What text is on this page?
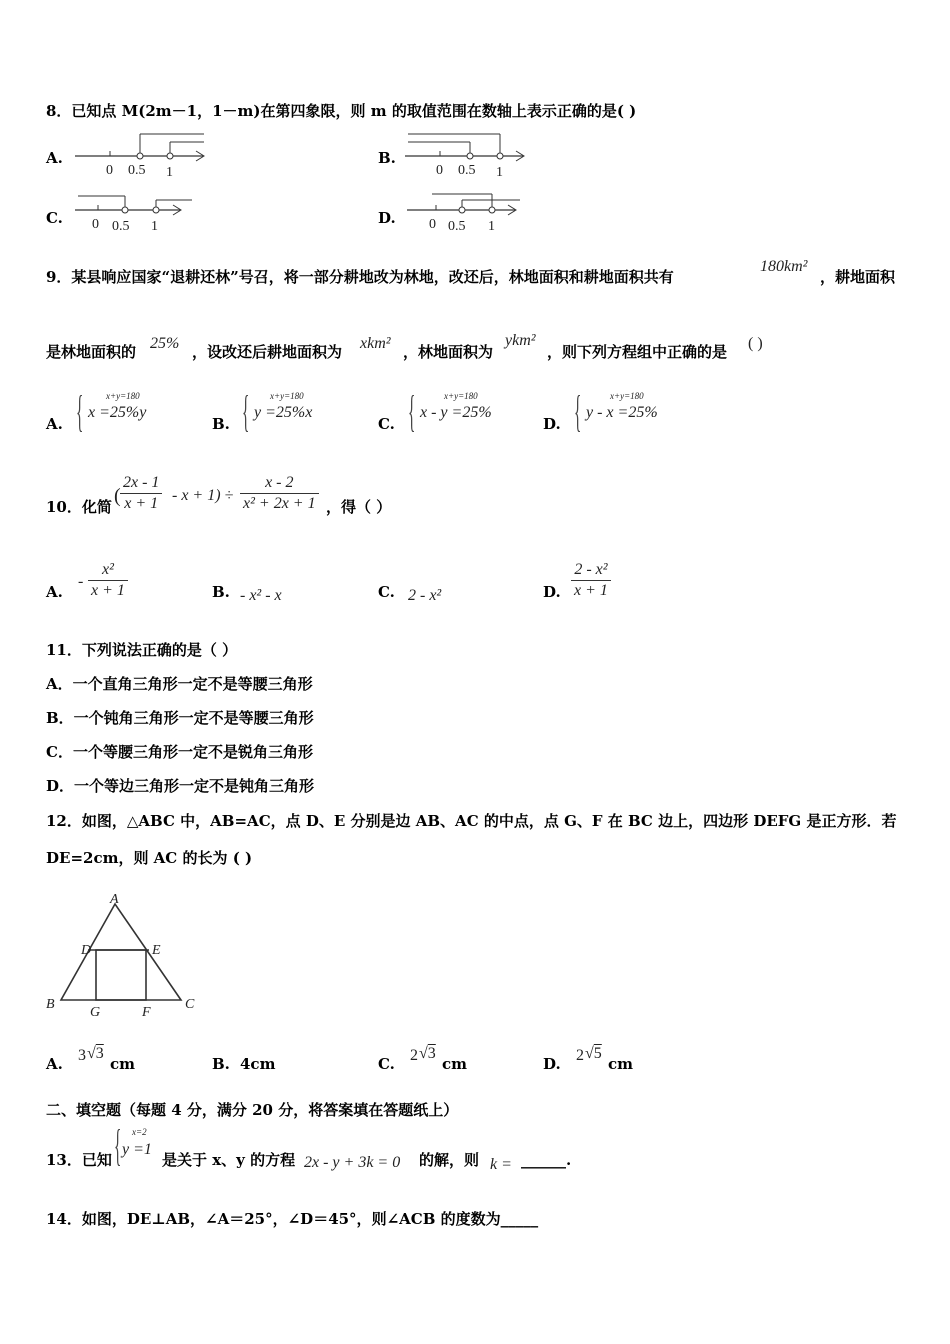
8．已知点 M(2m－1，1－m)在第四象限，则 m 的取值范围在数轴上表示正确的是( )
A.
0 0.5 1
B.
0 0.5 1
C. 0 0.5 1	D. 0 0.5 1
9．某县响应国家“退耕还林”号召，将一部分耕地改为林地，改还后，林地面积和耕地面积共有
180km²
，耕地面积
是林地面积的 25% ，设改还后耕地面积为 xkm² ，林地面积为
ykm²
，则下列方程组中正确的是 ( )
A. {	x+y=180
x =25%y
B. { x+y=180
y =25%x
C. {	x+y=180
x - y =25%
D. {	x+y=180
y - x =25%
10．化简 ( $\frac{2x - 1}{x + 1} - x + 1) \div \frac{x - 2}{\text{x² + 2x + 1}}$ ，得（ ）
A.
- $\frac{\text{x²}}{x + 1}$	B. - x² - x	C. 2 - x²	D. $\frac{\text{2 - x²}}{x + 1}$
11．下列说法正确的是（ ）
A．一个直角三角形一定不是等腰三角形
B．一个钝角三角形一定不是等腰三角形
C．一个等腰三角形一定不是锐角三角形
D．一个等边三角形一定不是钝角三角形
12．如图，△ABC 中，AB=AC，点 D、E 分别是边 AB、AC 的中点，点 G、F 在 BC 边上，四边形 DEFG 是正方形．若
DE=2cm，则 AC 的长为 ( )
A
D	E
B
G	F
C
A. 3 √3
cm	B. 4cm	C. 2 √3
cm	D. 2 √5
cm
二、填空题（每题 4 分，满分 20 分，将答案填在答题纸上）
13．已知 { x=2
y =1
是关于 x、y 的方程 2x - y + 3k = 0 的解，则 k = ______.
14．如图，DE⊥AB，∠A＝25°，∠D＝45°，则∠ACB 的度数为_____
